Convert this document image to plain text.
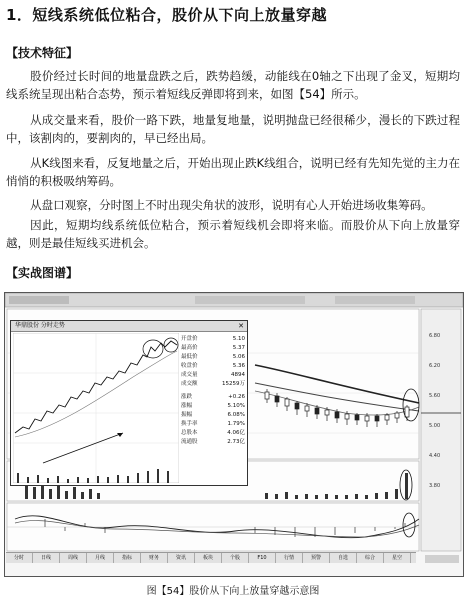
1．短线系统低位粘合，股价从下向上放量穿越
【技术特征】
股价经过长时间的地量盘跌之后，跌势趋缓，动能线在0轴之下出现了金叉，短期均线系统呈现出粘合态势，预示着短线反弹即将到来，如图【54】所示。
从成交量来看，股价一路下跌，地量复地量，说明抛盘已经很稀少，漫长的下跌过程中，该割肉的，要割肉的，早已经出局。
从K线图来看，反复地量之后，开始出现止跌K线组合，说明已经有先知先觉的主力在悄悄的积极吸纳筹码。
从盘口观察，分时图上不时出现尖角状的波形，说明有心人开始进场收集筹码。
因此，短期均线系统低位粘合，预示着短线机会即将来临。而股价从下向上放量穿越，则是最佳短线买进机会。
【实战图谱】
6.80
6.20
5.60
5.00
4.40
3.80
华鼎股份 分时走势	✕
开盘价	5.10
最高价	5.37
最低价	5.06
收盘价	5.36
成交量	4894
成交额	15259万
涨跌	+0.26
涨幅	5.10%
振幅	6.08%
换手率	1.79%
总股本	4.06亿
流通股	2.73亿
分时	日线	周线	月线	指标	财务	资讯	板块	个股	F10	行情	预警	自选	综合	星空
图【54】股价从下向上放量穿越示意图
